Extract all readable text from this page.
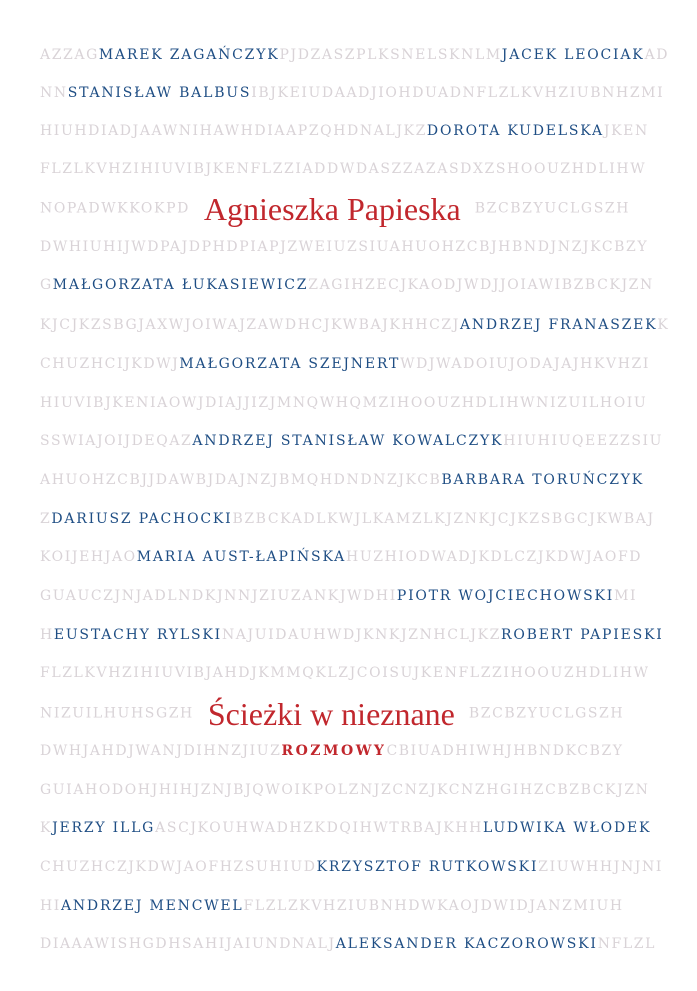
AZZAGMAREK ZAGAŃCZYKPJDZASZPLKSNELSKNLMJACEK LEOCIAKAD
NNSTANISŁAW BALBUSIBJKEIUDAADJIOHDUADNFLZLKVHZIUBNHZMI
HIUHDIADJAAWNIHAWHDIAAPZQHDNALJKZDOROTA KUDELSKAJKEN
FLZLKVHZIHIUVIBJKENFLZZIADDWDASZZAZASDXZSHOOUZHDLIHW
NOPADWKKOKPD Agnieszka Papieska BZCBZYUCLGSZH
DWHIUHIJWDPAJDPHDPIAPJZWEIUZSIUAHUOHZCBJHBNDJNZJKCBZY
GMAŁGORZATA ŁUKASIEWICZZAGIHZECJKAODJWDJJOIAWIBZBCKJZN
KJCJKZSBGJAXWJOIWAJZAWDHCJKWBAJKHHCZJANDRZEJ FRANASZEKK
CHUZHCIJKDWJMAŁGORZATA SZEJNERTWDJWADOIUJODAJAJHKVHZI
HIUVIBJKENIAOWJDIAJJIZJMNQWHQMZIHOOUZHDLIHWNIZUILHOIU
SSWIAJOIJDEQAZANDRZEJ STANISŁAW KOWALCZYKHIUHIUQEEZZSIU
AHUOHZCBJJDAWBJDAJNZJBMQHDNDNZJKCBBARBARA TORUŃCZYK
ZDARIUSZ PACHOCKIBZBCKADLKWJLKAMZLKJZNKJCJKZSBGCJKWBAJ
KOIJEHJAOMARIA AUST-ŁAPIŃSKAHUZHIODWADJKDLCZJKDWJAOFD
GUAUCZJNJADLNDKJNNJZIUZANKJWDHIPIOTR WOJCIECHOWSKIMI
HEUSTACHY RYLSKINAJUIDAUHWDJKNKJZNHCLJKZROBERT PAPIESKI
FLZLKVHZIHIUVIBJAHDJKMMQKLZJCOISUJKENFLZZIHOOUZHDLIHW
NIZUILHUHSGZH Ścieżki w nieznane BZCBZYUCLGSZH
DWHJAHDJWANJDIHNZJIUZROZMOWYCBIUADHIWHJHBNDKCBZY
GUIAHODOHJHIHJZNJBJQWOIKPOLZNJZCNZJKCNZHGIHZCBZBCKJZN
KJERZY ILLGASCJKOUHWADHZKDQIHWTRBAJKHHLUDWIKA WŁODEK
CHUZHCZJKDWJAOFHZSUHIUDKRZYSZTOF RUTKOWSKIZIUWHHJNJNI
HIANDRZEJ MENCWELFLZLZKVHZIUBNHDWKAOJDWIDJANZMIUH
DIAAAWISHGDHSAHIJAIUNDNALJALEKSANDER KACZOROWSKINFLZL
